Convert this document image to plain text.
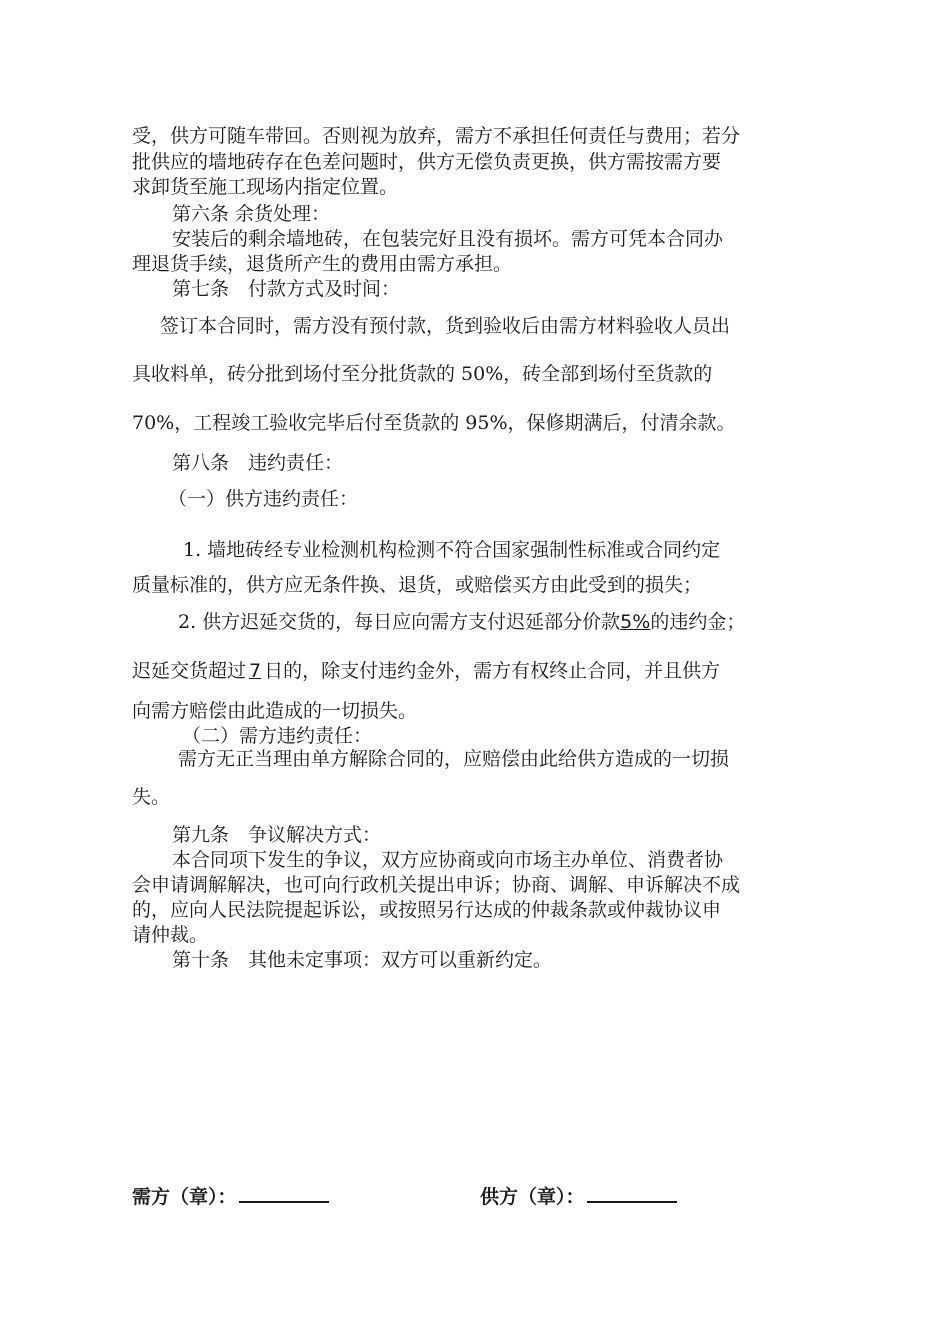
受，供方可随车带回。否则视为放弃，需方不承担任何责任与费用；若分
批供应的墙地砖存在色差问题时，供方无偿负责更换，供方需按需方要
求卸货至施工现场内指定位置。
第六条 余货处理：
安装后的剩余墙地砖，在包装完好且没有损坏。需方可凭本合同办
理退货手续，退货所产生的费用由需方承担。
第七条　付款方式及时间：
签订本合同时，需方没有预付款，货到验收后由需方材料验收人员出
具收料单，砖分批到场付至分批货款的 50%，砖全部到场付至货款的
70%，工程竣工验收完毕后付至货款的 95%，保修期满后，付清余款。
第八条　违约责任：
（一）供方违约责任：
1. 墙地砖经专业检测机构检测不符合国家强制性标准或合同约定
质量标准的，供方应无条件换、退货，或赔偿买方由此受到的损失；
2. 供方迟延交货的，每日应向需方支付迟延部分价款5%的违约金；
迟延交货超过 7 日的，除支付违约金外，需方有权终止合同，并且供方
向需方赔偿由此造成的一切损失。
（二）需方违约责任：
需方无正当理由单方解除合同的，应赔偿由此给供方造成的一切损
失。
第九条　争议解决方式：
本合同项下发生的争议，双方应协商或向市场主办单位、消费者协
会申请调解解决，也可向行政机关提出申诉；协商、调解、申诉解决不成
的，应向人民法院提起诉讼，或按照另行达成的仲裁条款或仲裁协议申
请仲裁。
第十条　其他未定事项：双方可以重新约定。
需方（章）：	供方（章）：
